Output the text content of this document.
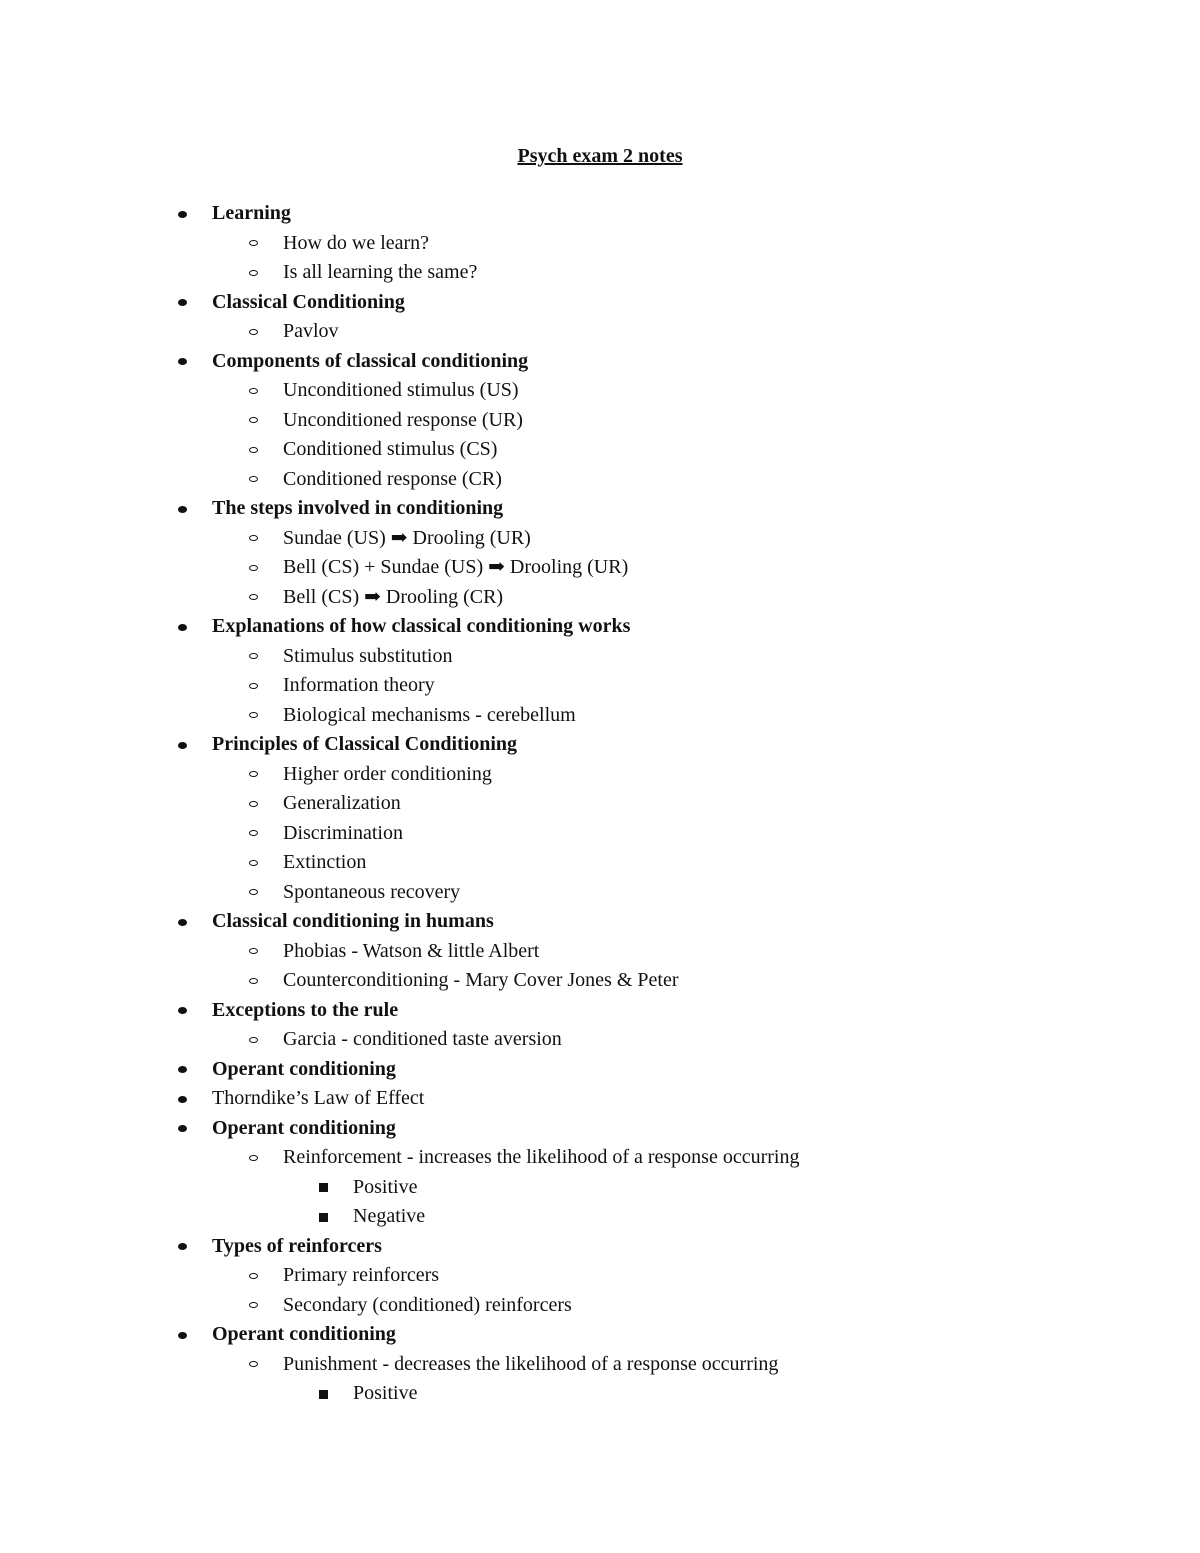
Psych exam 2 notes
Learning
How do we learn?
Is all learning the same?
Classical Conditioning
Pavlov
Components of classical conditioning
Unconditioned stimulus (US)
Unconditioned response (UR)
Conditioned stimulus (CS)
Conditioned response (CR)
The steps involved in conditioning
Sundae (US) ➡ Drooling (UR)
Bell (CS) + Sundae (US) ➡ Drooling (UR)
Bell (CS) ➡ Drooling (CR)
Explanations of how classical conditioning works
Stimulus substitution
Information theory
Biological mechanisms - cerebellum
Principles of Classical Conditioning
Higher order conditioning
Generalization
Discrimination
Extinction
Spontaneous recovery
Classical conditioning in humans
Phobias - Watson & little Albert
Counterconditioning - Mary Cover Jones & Peter
Exceptions to the rule
Garcia - conditioned taste aversion
Operant conditioning
Thorndike’s Law of Effect
Operant conditioning
Reinforcement - increases the likelihood of a response occurring
Positive
Negative
Types of reinforcers
Primary reinforcers
Secondary (conditioned) reinforcers
Operant conditioning
Punishment - decreases the likelihood of a response occurring
Positive
